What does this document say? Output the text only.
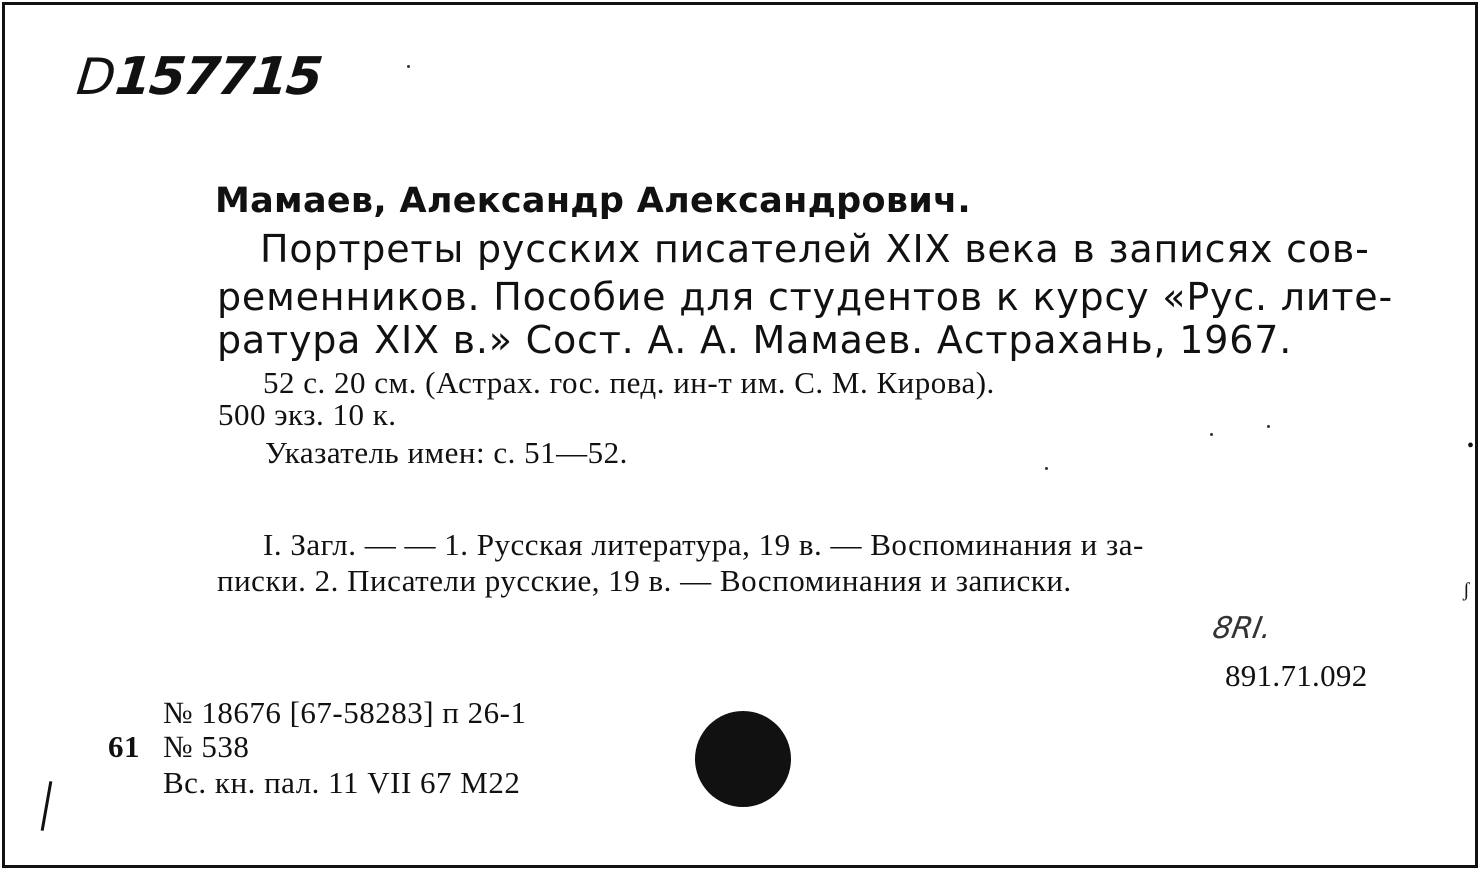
D157715
Мамаев, Александр Александрович.
Портреты русских писателей XIX века в записях сов-
ременников. Пособие для студентов к курсу «Рус. лите-
ратура XIX в.» Сост. А. А. Мамаев. Астрахань, 1967.
52 с. 20 см. (Астрах. гос. пед. ин-т им. С. М. Кирова).
500 экз. 10 к.
Указатель имен: с. 51—52.
I. Загл. — — 1. Русская литература, 19 в. — Воспоминания и за-
писки. 2. Писатели русские, 19 в. — Воспоминания и записки.
8RI.
891.71.092
№ 18676 [67-58283] п 26-1
61 № 538
Вс. кн. пал. 11 VII 67 М22
•
ʃ
